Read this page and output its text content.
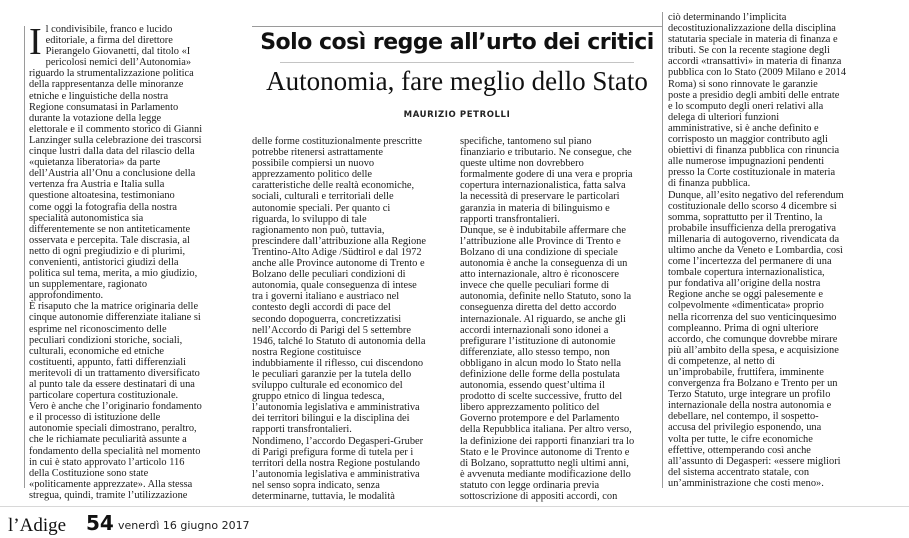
I l condivisibile, franco e lucido
editoriale, a firma del direttore
Pierangelo Giovanetti, dal titolo «I
pericolosi nemici dell’Autonomia»
riguardo la strumentalizzazione politica
della rappresentanza delle minoranze
etniche e linguistiche della nostra
Regione consumatasi in Parlamento
durante la votazione della legge
elettorale e il commento storico di Gianni
Lanzinger sulla celebrazione dei trascorsi
cinque lustri dalla data del rilascio della
«quietanza liberatoria» da parte
dell’Austria all’Onu a conclusione della
vertenza fra Austria e Italia sulla
questione altoatesina, testimoniano
come oggi la fotografia della nostra
specialità autonomistica sia
differentemente se non antiteticamente
osservata e percepita. Tale discrasia, al
netto di ogni pregiudizio e di plurimi,
convenienti, antistorici giudizi della
politica sul tema, merita, a mio giudizio,
un supplementare, ragionato
approfondimento.
È risaputo che la matrice originaria delle
cinque autonomie differenziate italiane si
esprime nel riconoscimento delle
peculiari condizioni storiche, sociali,
culturali, economiche ed etniche
costituenti, appunto, fatti differenziali
meritevoli di un trattamento diversificato
al punto tale da essere destinatari di una
particolare copertura costituzionale.
Vero è anche che l’originario fondamento
e il processo di istituzione delle
autonomie speciali dimostrano, peraltro,
che le richiamate peculiarità assunte a
fondamento della specialità nel momento
in cui è stato approvato l’articolo 116
della Costituzione sono state
«politicamente apprezzate». Alla stessa
stregua, quindi, tramite l’utilizzazione

Solo così regge all’urto dei critici
Autonomia, fare meglio dello Stato
MAURIZIO PETROLLI

delle forme costituzionalmente prescritte
potrebbe ritenersi astrattamente
possibile compiersi un nuovo
apprezzamento politico delle
caratteristiche delle realtà economiche,
sociali, culturali e territoriali delle
autonomie speciali. Per quanto ci
riguarda, lo sviluppo di tale
ragionamento non può, tuttavia,
prescindere dall’attribuzione alla Regione
Trentino-Alto Adige /Südtirol e dal 1972
anche alle Province autonome di Trento e
Bolzano delle peculiari condizioni di
autonomia, quale conseguenza di intese
tra i governi italiano e austriaco nel
contesto degli accordi di pace del
secondo dopoguerra, concretizzatisi
nell’Accordo di Parigi del 5 settembre
1946, talché lo Statuto di autonomia della
nostra Regione costituisce
indubbiamente il riflesso, cui discendono
le peculiari garanzie per la tutela dello
sviluppo culturale ed economico del
gruppo etnico di lingua tedesca,
l’autonomia legislativa e amministrativa
dei territori bilingui e la disciplina dei
rapporti transfrontalieri.
Nondimeno, l’accordo Degasperi-Gruber
di Parigi prefigura forme di tutela per i
territori della nostra Regione postulando
l’autonomia legislativa e amministrativa
nel senso sopra indicato, senza
determinarne, tuttavia, le modalità

specifiche, tantomeno sul piano
finanziario e tributario. Ne consegue, che
queste ultime non dovrebbero
formalmente godere di una vera e propria
copertura internazionalistica, fatta salva
la necessità di preservare le particolari
garanzia in materia di bilinguismo e
rapporti transfrontalieri.
Dunque, se è indubitabile affermare che
l’attribuzione alle Province di Trento e
Bolzano di una condizione di speciale
autonomia è anche la conseguenza di un
atto internazionale, altro è riconoscere
invece che quelle peculiari forme di
autonomia, definite nello Statuto, sono la
conseguenza diretta del detto accordo
internazionale. Al riguardo, se anche gli
accordi internazionali sono idonei a
prefigurare l’istituzione di autonomie
differenziate, allo stesso tempo, non
obbligano in alcun modo lo Stato nella
definizione delle forme della postulata
autonomia, essendo quest’ultima il
prodotto di scelte successive, frutto del
libero apprezzamento politico del
Governo protempore e del Parlamento
della Repubblica italiana. Per altro verso,
la definizione dei rapporti finanziari tra lo
Stato e le Province autonome di Trento e
di Bolzano, soprattutto negli ultimi anni,
è avvenuta mediante modificazione dello
statuto con legge ordinaria previa
sottoscrizione di appositi accordi, con

ciò determinando l’implicita
decostituzionalizzazione della disciplina
statutaria speciale in materia di finanza e
tributi. Se con la recente stagione degli
accordi «transattivi» in materia di finanza
pubblica con lo Stato (2009 Milano e 2014
Roma) si sono rinnovate le garanzie
poste a presidio degli ambiti delle entrate
e lo scomputo degli oneri relativi alla
delega di ulteriori funzioni
amministrative, si è anche definito e
corrisposto un maggior contributo agli
obiettivi di finanza pubblica con rinuncia
alle numerose impugnazioni pendenti
presso la Corte costituzionale in materia
di finanza pubblica.
Dunque, all’esito negativo del referendum
costituzionale dello scorso 4 dicembre si
somma, soprattutto per il Trentino, la
probabile insufficienza della prerogativa
millenaria di autogoverno, rivendicata da
ultimo anche da Veneto e Lombardia, così
come l’incertezza del permanere di una
tombale copertura internazionalistica,
pur fondativa all’origine della nostra
Regione anche se oggi palesemente e
colpevolmente «dimenticata» proprio
nella ricorrenza del suo venticinquesimo
compleanno. Prima di ogni ulteriore
accordo, che comunque dovrebbe mirare
più all’ambito della spesa, e acquisizione
di competenze, al netto di
un’improbabile, fruttifera, imminente
convergenza fra Bolzano e Trento per un
Terzo Statuto, urge integrare un profilo
internazionale della nostra autonomia e
debellare, nel contempo, il sospetto-
accusa del privilegio esponendo, una
volta per tutte, le cifre economiche
effettive, ottemperando così anche
all’assunto di Degasperi: «essere migliori
del sistema accentrato statale, con
un’amministrazione che costi meno».

l’Adige 54 venerdì 16 giugno 2017
